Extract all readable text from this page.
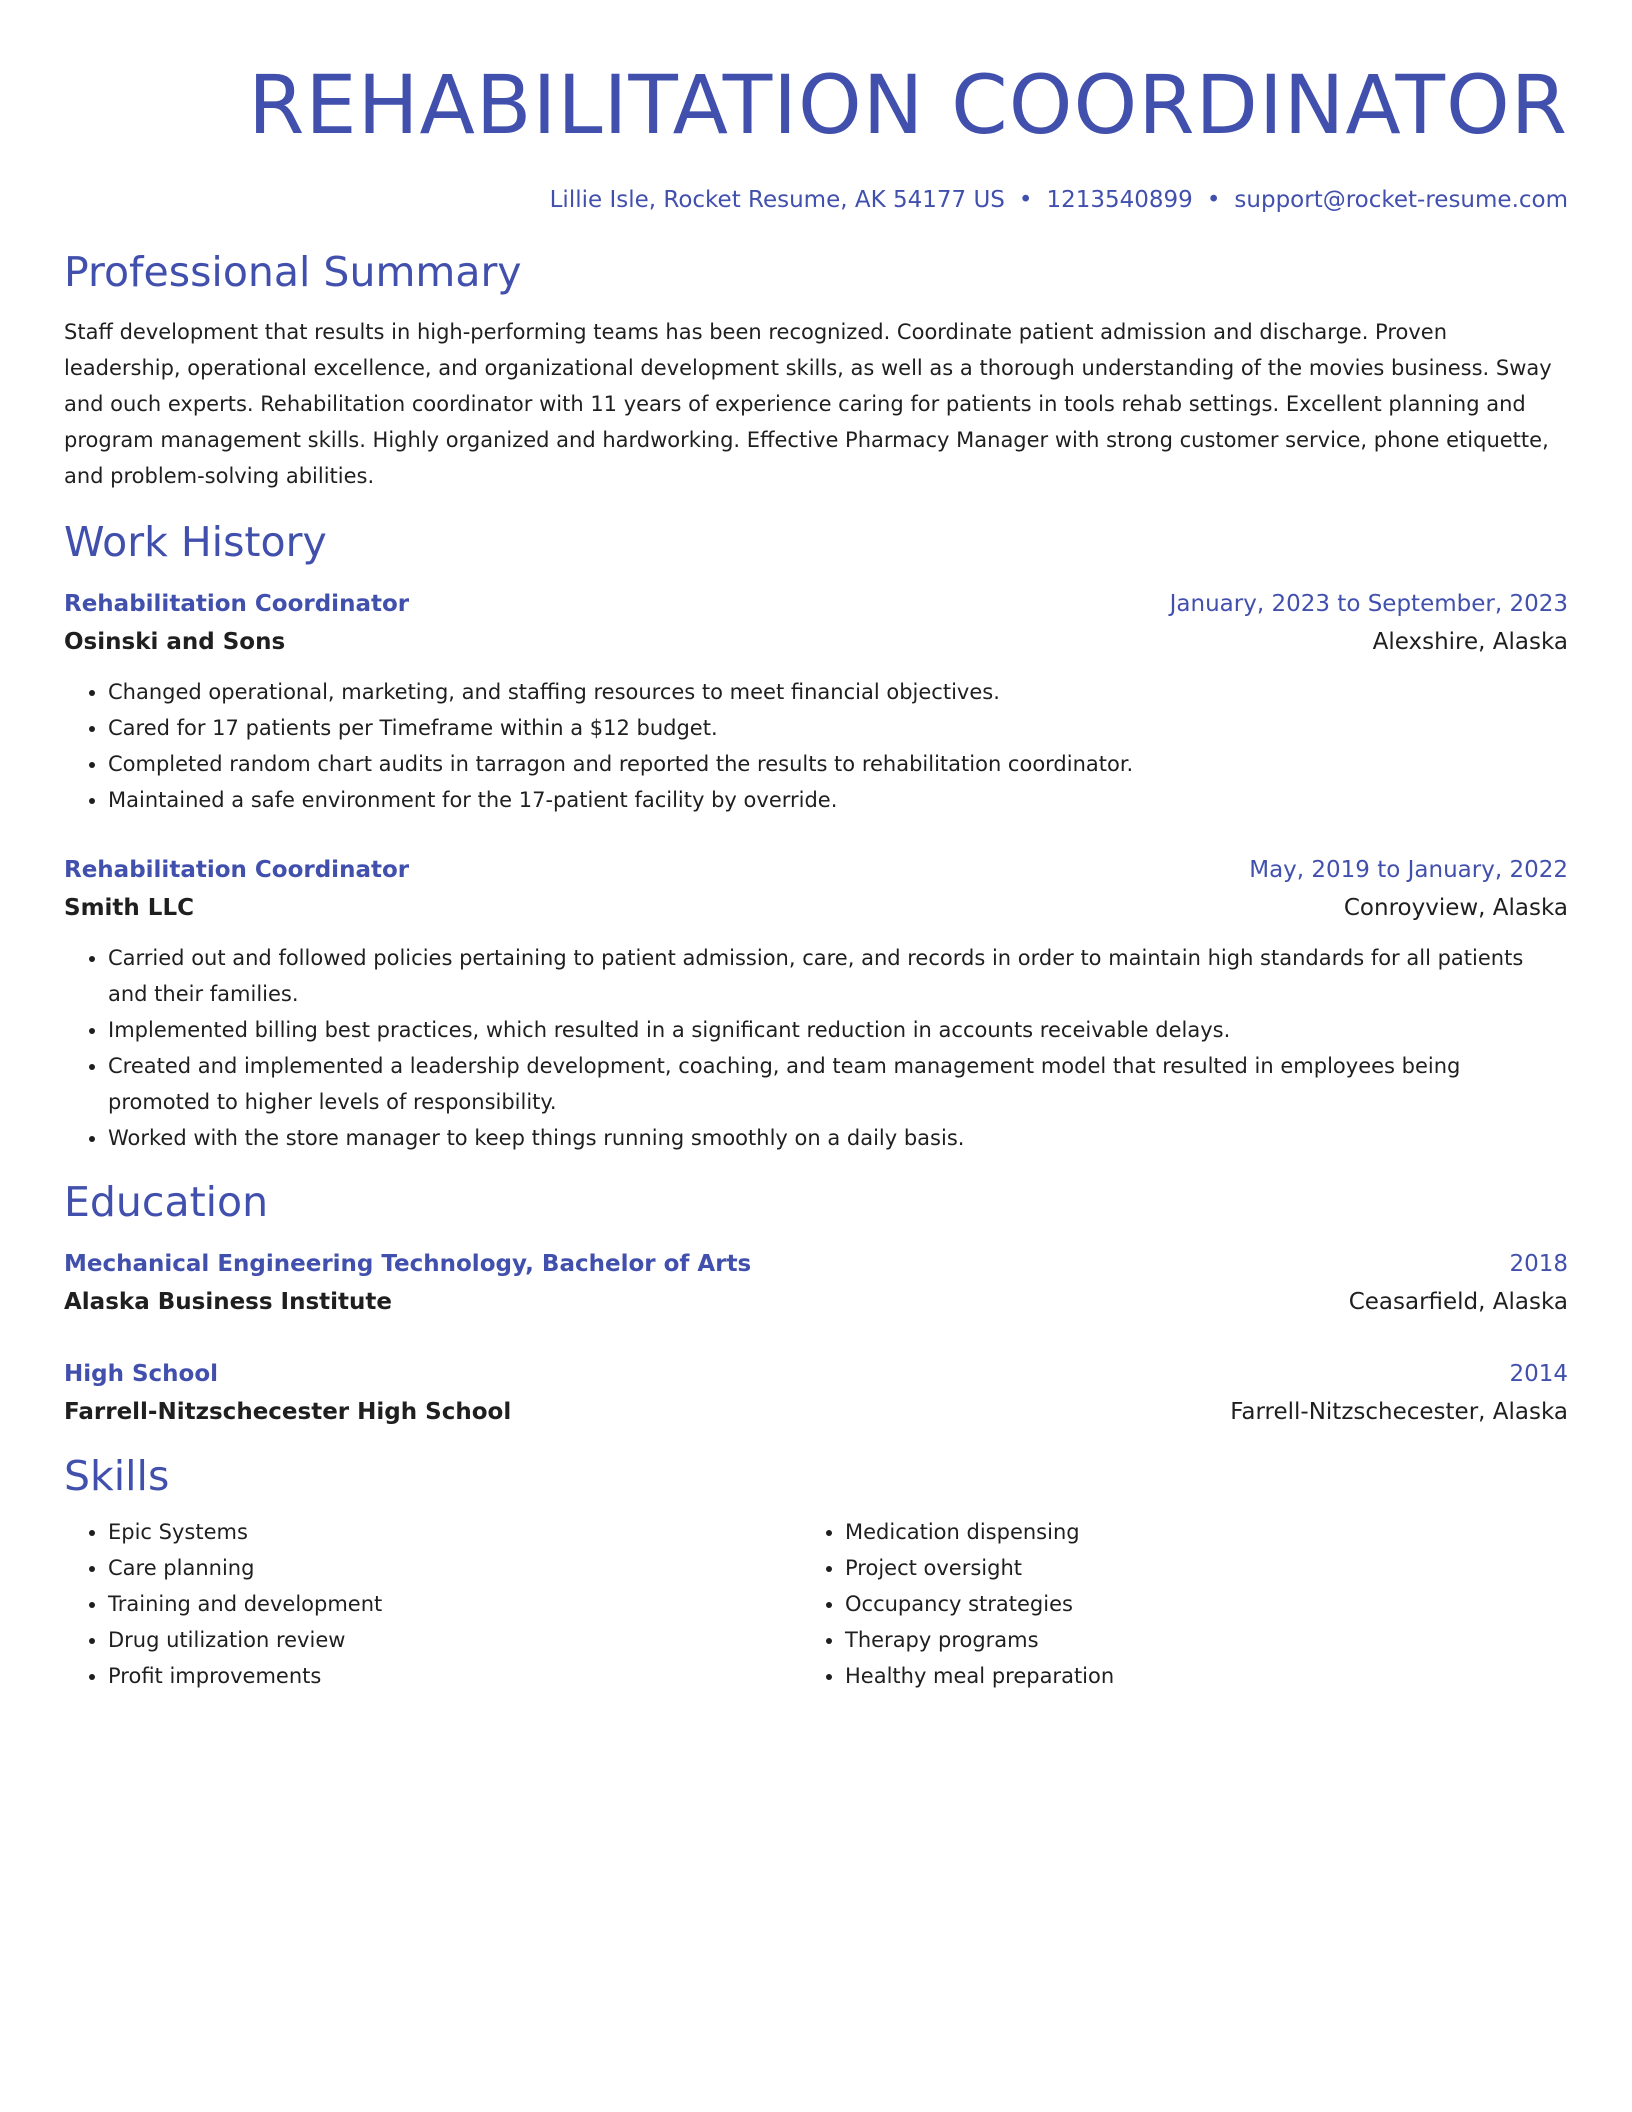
REHABILITATION COORDINATOR
Lillie Isle, Rocket Resume, AK 54177 US • 1213540899 • support@rocket-resume.com
Professional Summary
Staff development that results in high-performing teams has been recognized. Coordinate patient admission and discharge. Proven leadership, operational excellence, and organizational development skills, as well as a thorough understanding of the movies business. Sway and ouch experts. Rehabilitation coordinator with 11 years of experience caring for patients in tools rehab settings. Excellent planning and program management skills. Highly organized and hardworking. Effective Pharmacy Manager with strong customer service, phone etiquette, and problem-solving abilities.
Work History
Rehabilitation Coordinator	January, 2023 to September, 2023
Osinski and Sons	Alexshire, Alaska
• Changed operational, marketing, and staffing resources to meet financial objectives.
• Cared for 17 patients per Timeframe within a $12 budget.
• Completed random chart audits in tarragon and reported the results to rehabilitation coordinator.
• Maintained a safe environment for the 17-patient facility by override.
Rehabilitation Coordinator	May, 2019 to January, 2022
Smith LLC	Conroyview, Alaska
• Carried out and followed policies pertaining to patient admission, care, and records in order to maintain high standards for all patients and their families.
• Implemented billing best practices, which resulted in a significant reduction in accounts receivable delays.
• Created and implemented a leadership development, coaching, and team management model that resulted in employees being promoted to higher levels of responsibility.
• Worked with the store manager to keep things running smoothly on a daily basis.
Education
Mechanical Engineering Technology, Bachelor of Arts	2018
Alaska Business Institute	Ceasarfield, Alaska
High School	2014
Farrell-Nitzschecester High School	Farrell-Nitzschecester, Alaska
Skills
• Epic Systems
• Care planning
• Training and development
• Drug utilization review
• Profit improvements
• Medication dispensing
• Project oversight
• Occupancy strategies
• Therapy programs
• Healthy meal preparation
